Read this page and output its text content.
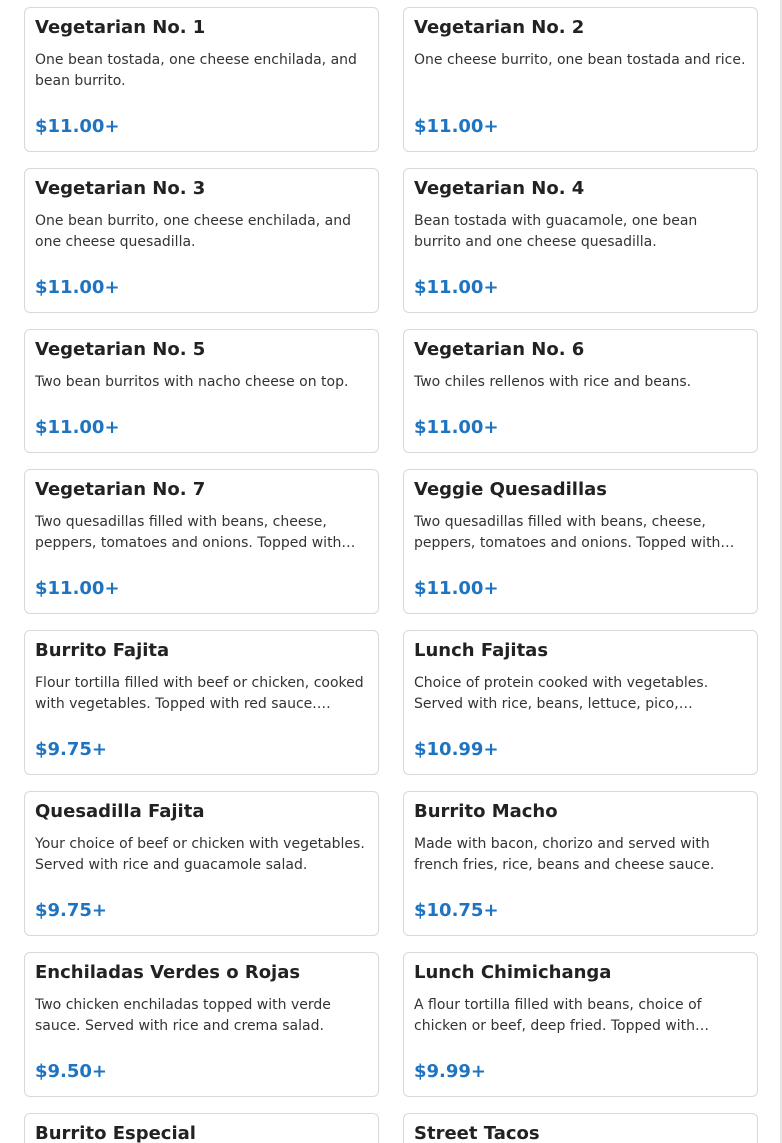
Vegetarian No. 1
One bean tostada, one cheese enchilada, and bean burrito.
$11.00+
Vegetarian No. 2
One cheese burrito, one bean tostada and rice.
$11.00+
Vegetarian No. 3
One bean burrito, one cheese enchilada, and one cheese quesadilla.
$11.00+
Vegetarian No. 4
Bean tostada with guacamole, one bean burrito and one cheese quesadilla.
$11.00+
Vegetarian No. 5
Two bean burritos with nacho cheese on top.
$11.00+
Vegetarian No. 6
Two chiles rellenos with rice and beans.
$11.00+
Vegetarian No. 7
Two quesadillas filled with beans, cheese, peppers, tomatoes and onions. Topped with…
$11.00+
Veggie Quesadillas
Two quesadillas filled with beans, cheese, peppers, tomatoes and onions. Topped with…
$11.00+
Burrito Fajita
Flour tortilla filled with beef or chicken, cooked with vegetables. Topped with red sauce.…
$9.75+
Lunch Fajitas
Choice of protein cooked with vegetables. Served with rice, beans, lettuce, pico,…
$10.99+
Quesadilla Fajita
Your choice of beef or chicken with vegetables. Served with rice and guacamole salad.
$9.75+
Burrito Macho
Made with bacon, chorizo and served with french fries, rice, beans and cheese sauce.
$10.75+
Enchiladas Verdes o Rojas
Two chicken enchiladas topped with verde sauce. Served with rice and crema salad.
$9.50+
Lunch Chimichanga
A flour tortilla filled with beans, choice of chicken or beef, deep fried. Topped with…
$9.99+
Burrito Especial	Street Tacos
